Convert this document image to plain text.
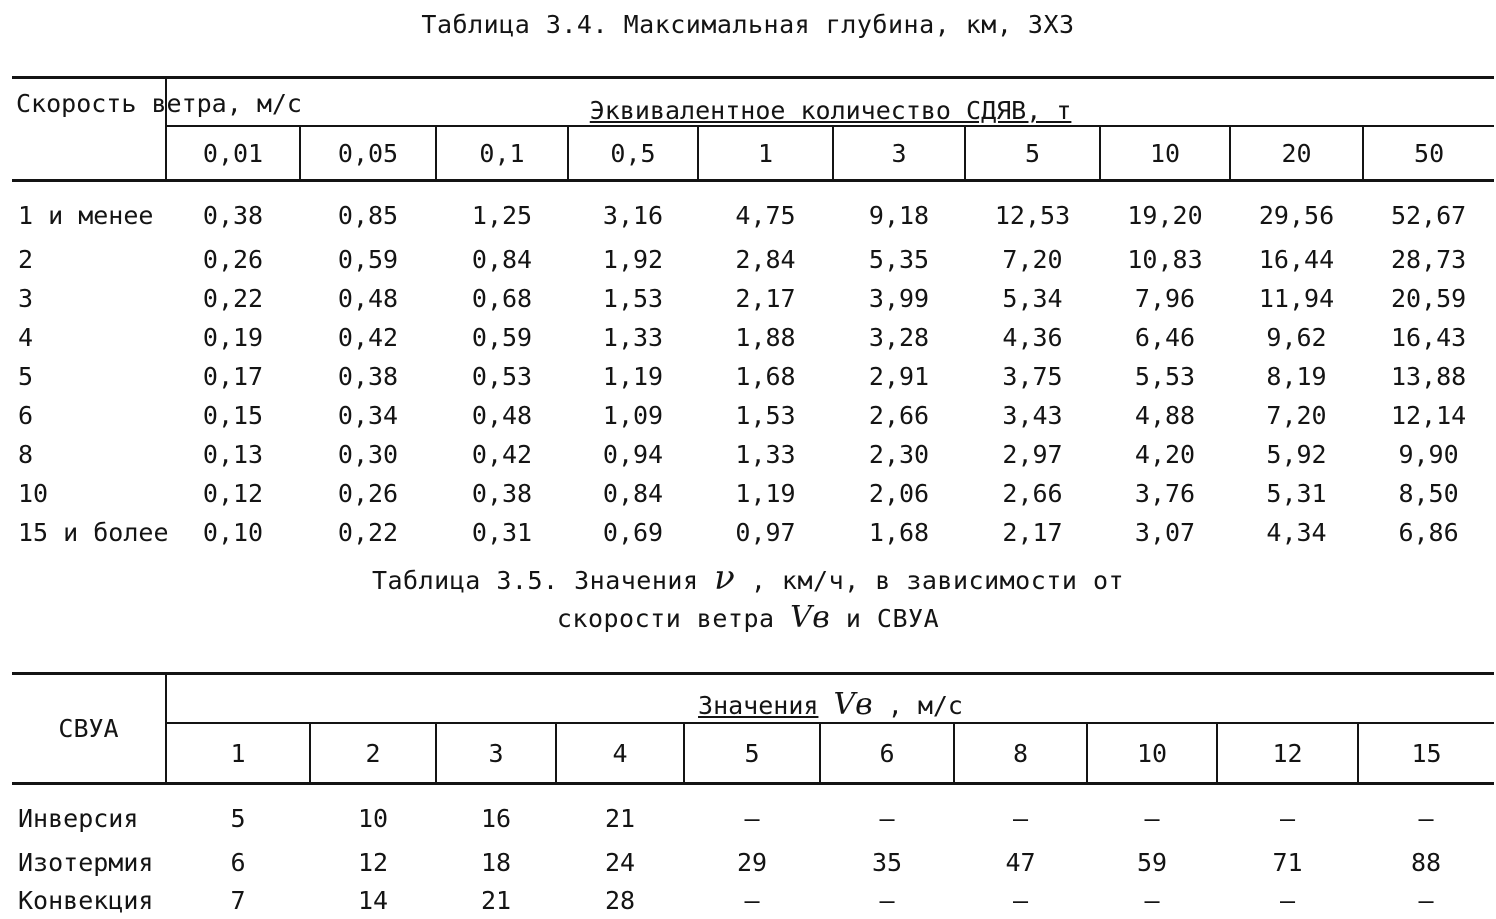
Таблица 3.4. Максимальная глубина, км, ЗХЗ
Скорость ветра, м/с	Эквивалентное количество СДЯВ, т									
	0,01	0,05	0,1	0,5	1	3	5	10	20	50
1 и менее	0,38	0,85	1,25	3,16	4,75	9,18	12,53	19,20	29,56	52,67
2	0,26	0,59	0,84	1,92	2,84	5,35	7,20	10,83	16,44	28,73
3	0,22	0,48	0,68	1,53	2,17	3,99	5,34	7,96	11,94	20,59
4	0,19	0,42	0,59	1,33	1,88	3,28	4,36	6,46	9,62	16,43
5	0,17	0,38	0,53	1,19	1,68	2,91	3,75	5,53	8,19	13,88
6	0,15	0,34	0,48	1,09	1,53	2,66	3,43	4,88	7,20	12,14
8	0,13	0,30	0,42	0,94	1,33	2,30	2,97	4,20	5,92	9,90
10	0,12	0,26	0,38	0,84	1,19	2,06	2,66	3,76	5,31	8,50
15 и более	0,10	0,22	0,31	0,69	0,97	1,68	2,17	3,07	4,34	6,86
Таблица 3.5. Значения ν , км/ч, в зависимости от
скорости ветра Vв и СВУА
СВУА	Значения Vв , м/с									
	1	2	3	4	5	6	8	10	12	15
Инверсия	5	10	16	21	–	–	–	–	–	–
Изотермия	6	12	18	24	29	35	47	59	71	88
Конвекция	7	14	21	28	–	–	–	–	–	–
